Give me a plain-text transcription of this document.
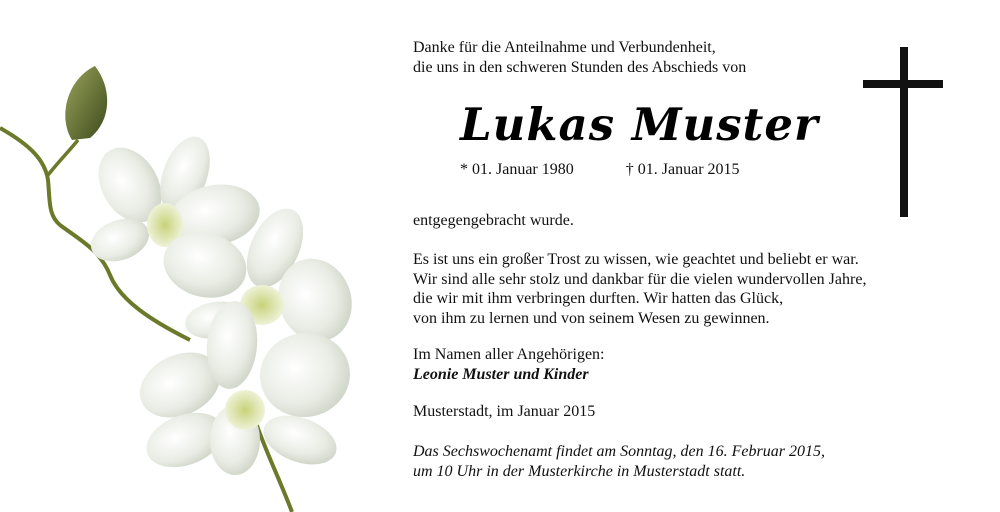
Danke für die Anteilnahme und Verbundenheit,
die uns in den schweren Stunden des Abschieds von
Lukas Muster
* 01. Januar 1980	† 01. Januar 2015
entgegengebracht wurde.
Es ist uns ein großer Trost zu wissen, wie geachtet und beliebt er war.
Wir sind alle sehr stolz und dankbar für die vielen wundervollen Jahre,
die wir mit ihm verbringen durften. Wir hatten das Glück,
von ihm zu lernen und von seinem Wesen zu gewinnen.
Im Namen aller Angehörigen:
Leonie Muster und Kinder
Musterstadt, im Januar 2015
Das Sechswochenamt findet am Sonntag, den 16. Februar 2015,
um 10 Uhr in der Musterkirche in Musterstadt statt.
